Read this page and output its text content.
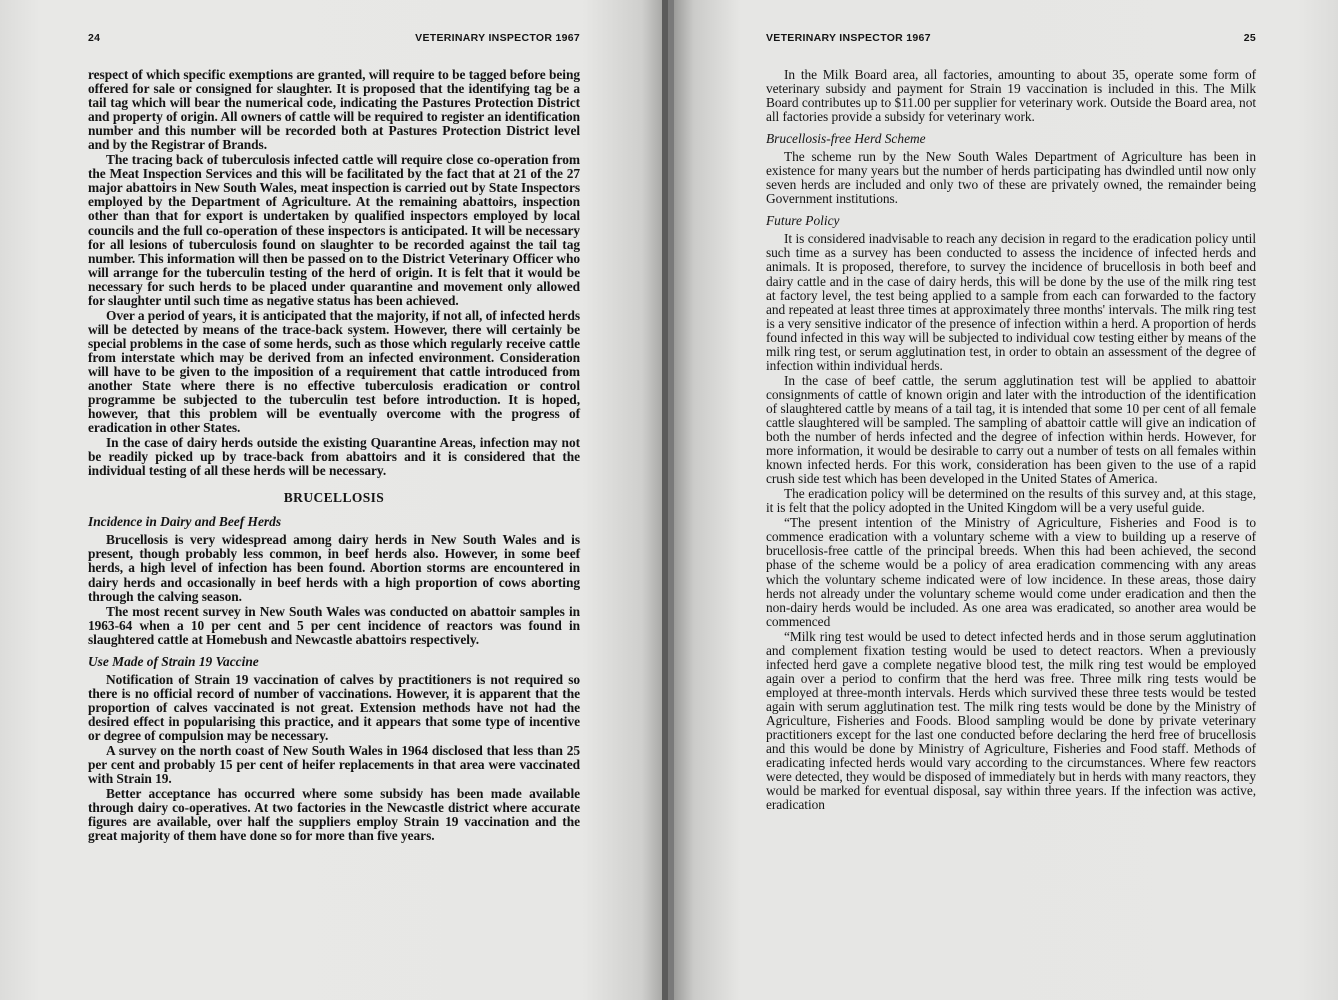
24	VETERINARY INSPECTOR 1967

respect of which specific exemptions are granted, will require to be tagged before being offered for sale or consigned for slaughter. It is proposed that the identifying tag be a tail tag which will bear the numerical code, indicating the Pastures Protection District and property of origin. All owners of cattle will be required to register an identification number and this number will be recorded both at Pastures Protection District level and by the Registrar of Brands.

The tracing back of tuberculosis infected cattle will require close co-operation from the Meat Inspection Services and this will be facilitated by the fact that at 21 of the 27 major abattoirs in New South Wales, meat inspection is carried out by State Inspectors employed by the Department of Agriculture. At the remaining abattoirs, inspection other than that for export is undertaken by qualified inspectors employed by local councils and the full co-operation of these inspectors is anticipated. It will be necessary for all lesions of tuberculosis found on slaughter to be recorded against the tail tag number. This information will then be passed on to the District Veterinary Officer who will arrange for the tuberculin testing of the herd of origin. It is felt that it would be necessary for such herds to be placed under quarantine and movement only allowed for slaughter until such time as negative status has been achieved.

Over a period of years, it is anticipated that the majority, if not all, of infected herds will be detected by means of the trace-back system. However, there will certainly be special problems in the case of some herds, such as those which regularly receive cattle from interstate which may be derived from an infected environment. Consideration will have to be given to the imposition of a requirement that cattle introduced from another State where there is no effective tuberculosis eradication or control programme be subjected to the tuberculin test before introduction. It is hoped, however, that this problem will be eventually overcome with the progress of eradication in other States.

In the case of dairy herds outside the existing Quarantine Areas, infection may not be readily picked up by trace-back from abattoirs and it is considered that the individual testing of all these herds will be necessary.

BRUCELLOSIS
Incidence in Dairy and Beef Herds

Brucellosis is very widespread among dairy herds in New South Wales and is present, though probably less common, in beef herds also. However, in some beef herds, a high level of infection has been found. Abortion storms are encountered in dairy herds and occasionally in beef herds with a high proportion of cows aborting through the calving season.

The most recent survey in New South Wales was conducted on abattoir samples in 1963-64 when a 10 per cent and 5 per cent incidence of reactors was found in slaughtered cattle at Homebush and Newcastle abattoirs respectively.

Use Made of Strain 19 Vaccine

Notification of Strain 19 vaccination of calves by practitioners is not required so there is no official record of number of vaccinations. However, it is apparent that the proportion of calves vaccinated is not great. Extension methods have not had the desired effect in popularising this practice, and it appears that some type of incentive or degree of compulsion may be necessary.

A survey on the north coast of New South Wales in 1964 disclosed that less than 25 per cent and probably 15 per cent of heifer replacements in that area were vaccinated with Strain 19.

Better acceptance has occurred where some subsidy has been made available through dairy co-operatives. At two factories in the Newcastle district where accurate figures are available, over half the suppliers employ Strain 19 vaccination and the great majority of them have done so for more than five years.

VETERINARY INSPECTOR 1967	25

In the Milk Board area, all factories, amounting to about 35, operate some form of veterinary subsidy and payment for Strain 19 vaccination is included in this. The Milk Board contributes up to $11.00 per supplier for veterinary work. Outside the Board area, not all factories provide a subsidy for veterinary work.

Brucellosis-free Herd Scheme

The scheme run by the New South Wales Department of Agriculture has been in existence for many years but the number of herds participating has dwindled until now only seven herds are included and only two of these are privately owned, the remainder being Government institutions.

Future Policy

It is considered inadvisable to reach any decision in regard to the eradication policy until such time as a survey has been conducted to assess the incidence of infected herds and animals. It is proposed, therefore, to survey the incidence of brucellosis in both beef and dairy cattle and in the case of dairy herds, this will be done by the use of the milk ring test at factory level, the test being applied to a sample from each can forwarded to the factory and repeated at least three times at approximately three months' intervals. The milk ring test is a very sensitive indicator of the presence of infection within a herd. A proportion of herds found infected in this way will be subjected to individual cow testing either by means of the milk ring test, or serum agglutination test, in order to obtain an assessment of the degree of infection within individual herds.

In the case of beef cattle, the serum agglutination test will be applied to abattoir consignments of cattle of known origin and later with the introduction of the identification of slaughtered cattle by means of a tail tag, it is intended that some 10 per cent of all female cattle slaughtered will be sampled. The sampling of abattoir cattle will give an indication of both the number of herds infected and the degree of infection within herds. However, for more information, it would be desirable to carry out a number of tests on all females within known infected herds. For this work, consideration has been given to the use of a rapid crush side test which has been developed in the United States of America.

The eradication policy will be determined on the results of this survey and, at this stage, it is felt that the policy adopted in the United Kingdom will be a very useful guide.

“The present intention of the Ministry of Agriculture, Fisheries and Food is to commence eradication with a voluntary scheme with a view to building up a reserve of brucellosis-free cattle of the principal breeds. When this had been achieved, the second phase of the scheme would be a policy of area eradication commencing with any areas which the voluntary scheme indicated were of low incidence. In these areas, those dairy herds not already under the voluntary scheme would come under eradication and then the non-dairy herds would be included. As one area was eradicated, so another area would be commenced

“Milk ring test would be used to detect infected herds and in those serum agglutination and complement fixation testing would be used to detect reactors. When a previously infected herd gave a complete negative blood test, the milk ring test would be employed again over a period to confirm that the herd was free. Three milk ring tests would be employed at three-month intervals. Herds which survived these three tests would be tested again with serum agglutination test. The milk ring tests would be done by the Ministry of Agriculture, Fisheries and Foods. Blood sampling would be done by private veterinary practitioners except for the last one conducted before declaring the herd free of brucellosis and this would be done by Ministry of Agriculture, Fisheries and Food staff. Methods of eradicating infected herds would vary according to the circumstances. Where few reactors were detected, they would be disposed of immediately but in herds with many reactors, they would be marked for eventual disposal, say within three years. If the infection was active, eradication
